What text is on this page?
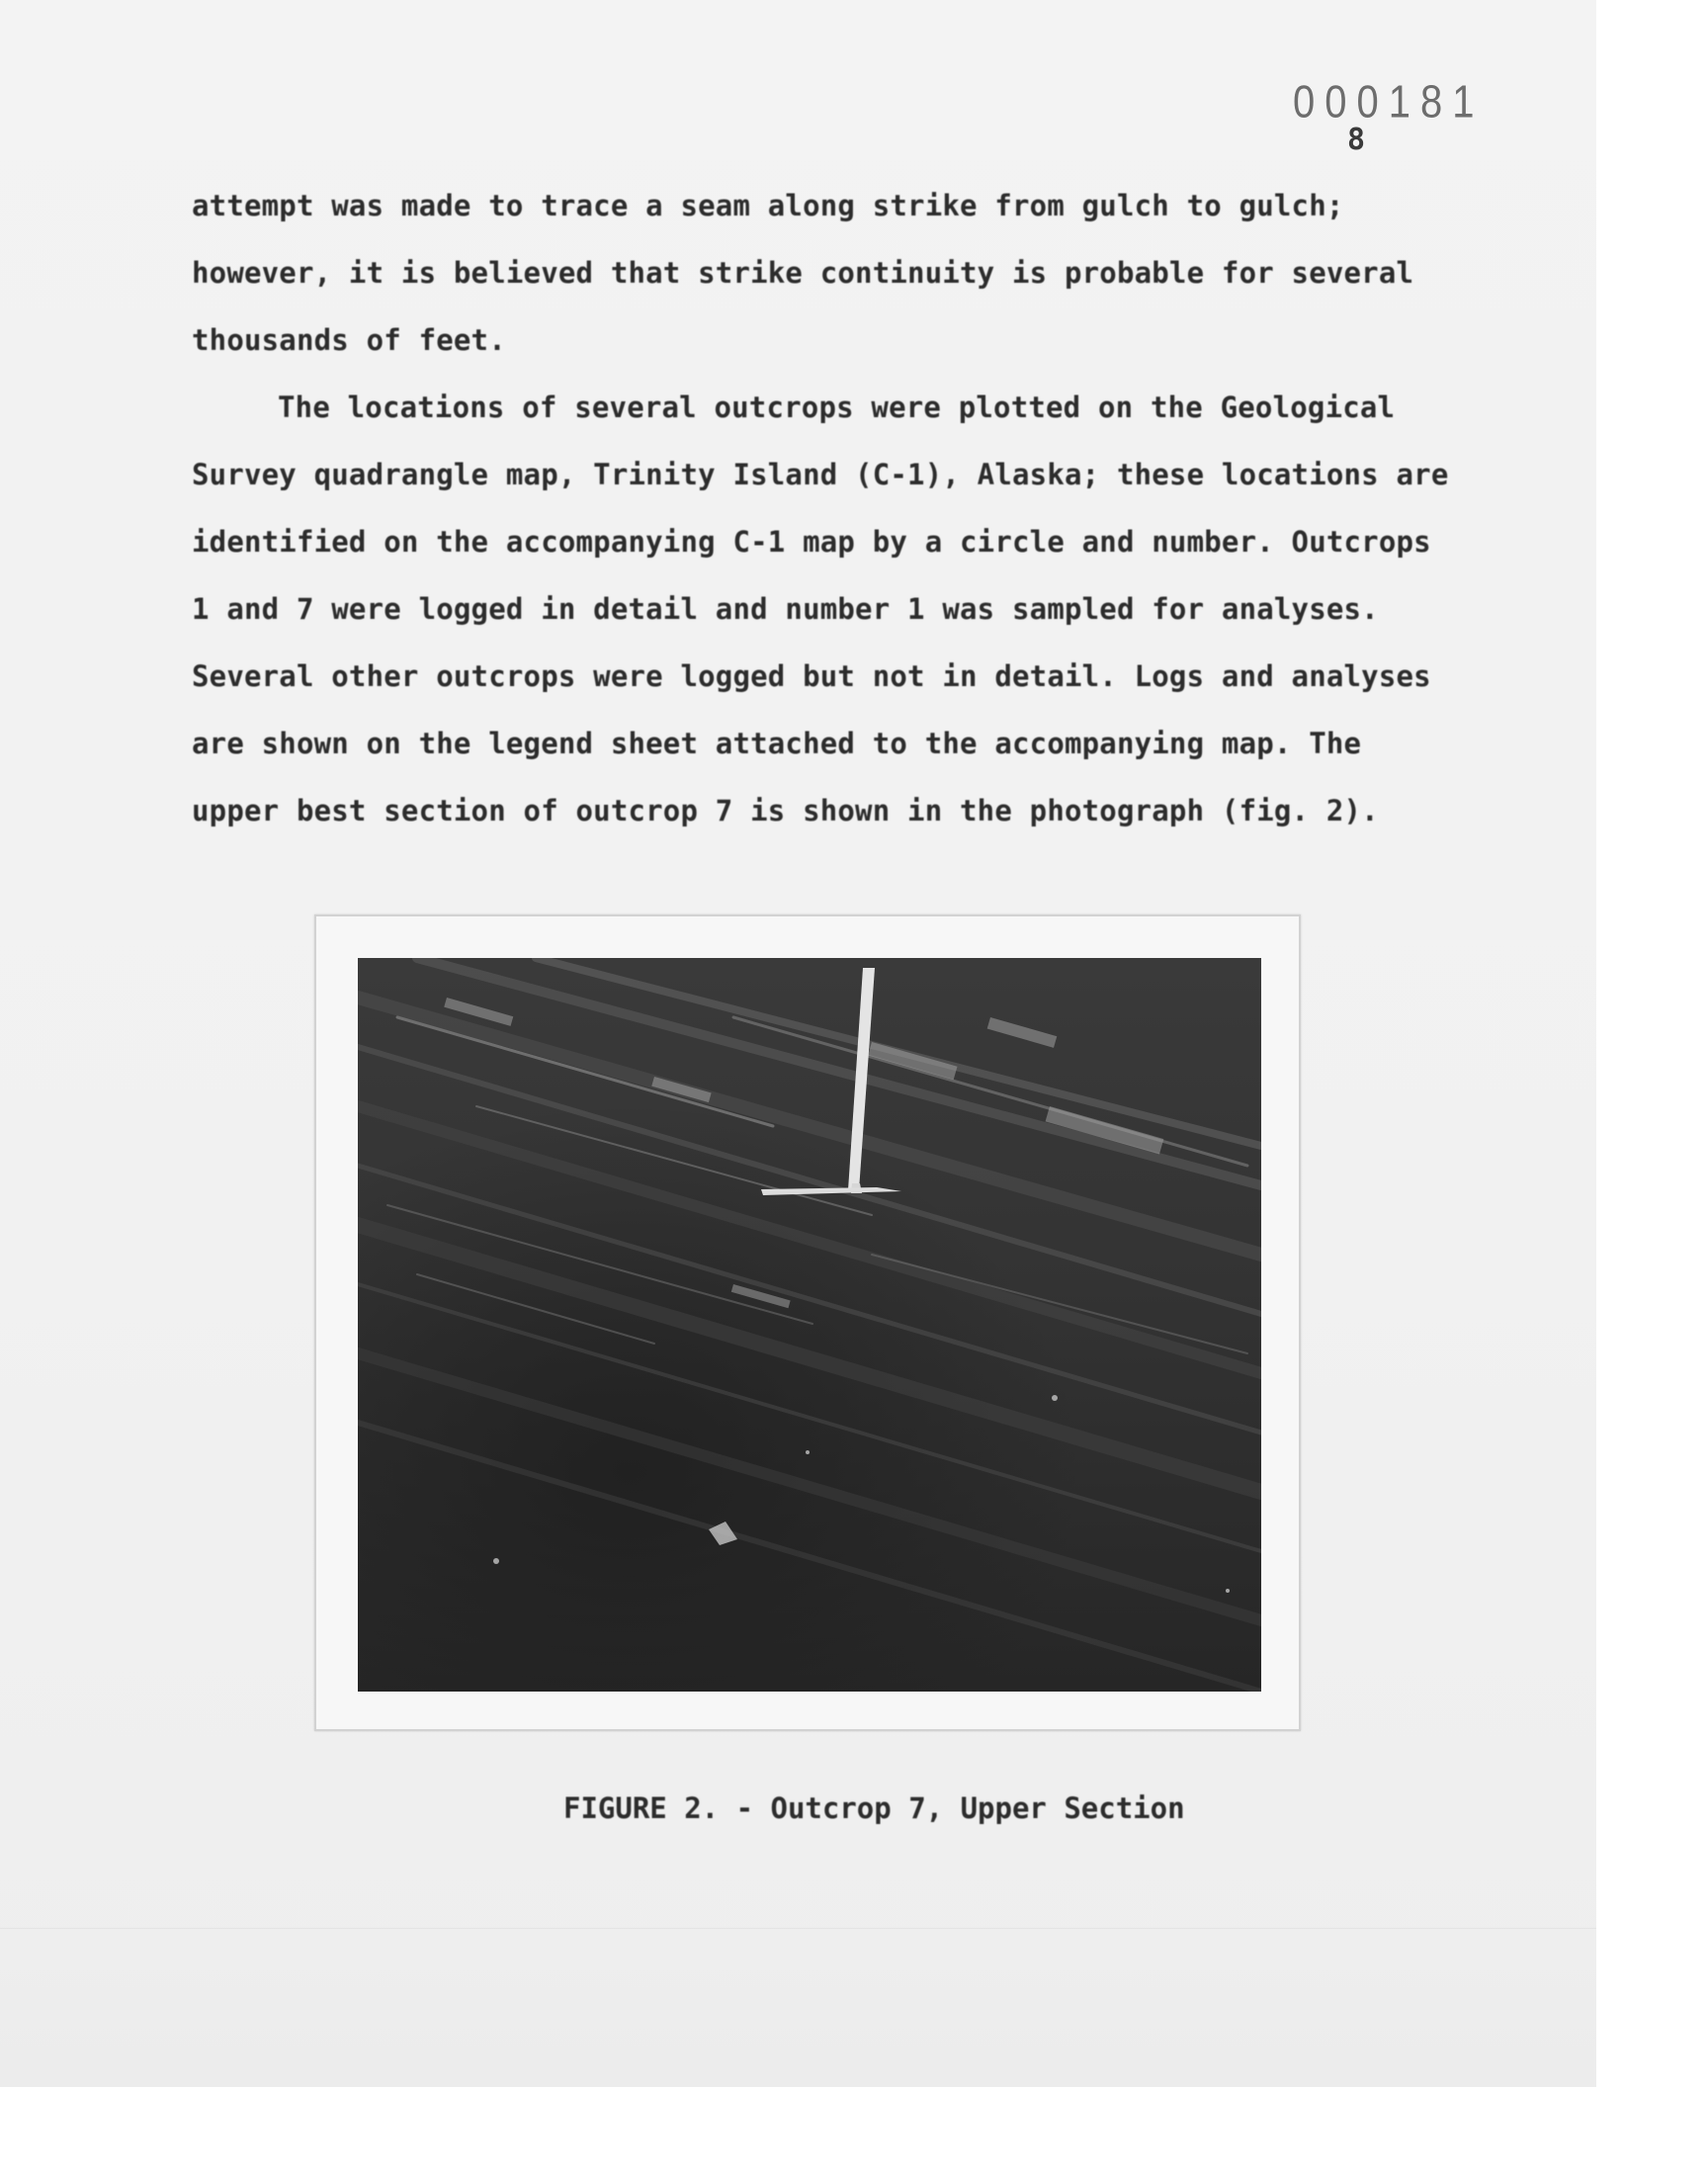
000181
8
attempt was made to trace a seam along strike from gulch to gulch;
however, it is believed that strike continuity is probable for several
thousands of feet.
The locations of several outcrops were plotted on the Geological
Survey quadrangle map, Trinity Island (C-1), Alaska; these locations are
identified on the accompanying C-1 map by a circle and number. Outcrops
1 and 7 were logged in detail and number 1 was sampled for analyses.
Several other outcrops were logged but not in detail. Logs and analyses
are shown on the legend sheet attached to the accompanying map. The
upper best section of outcrop 7 is shown in the photograph (fig. 2).
FIGURE 2. - Outcrop 7, Upper Section
